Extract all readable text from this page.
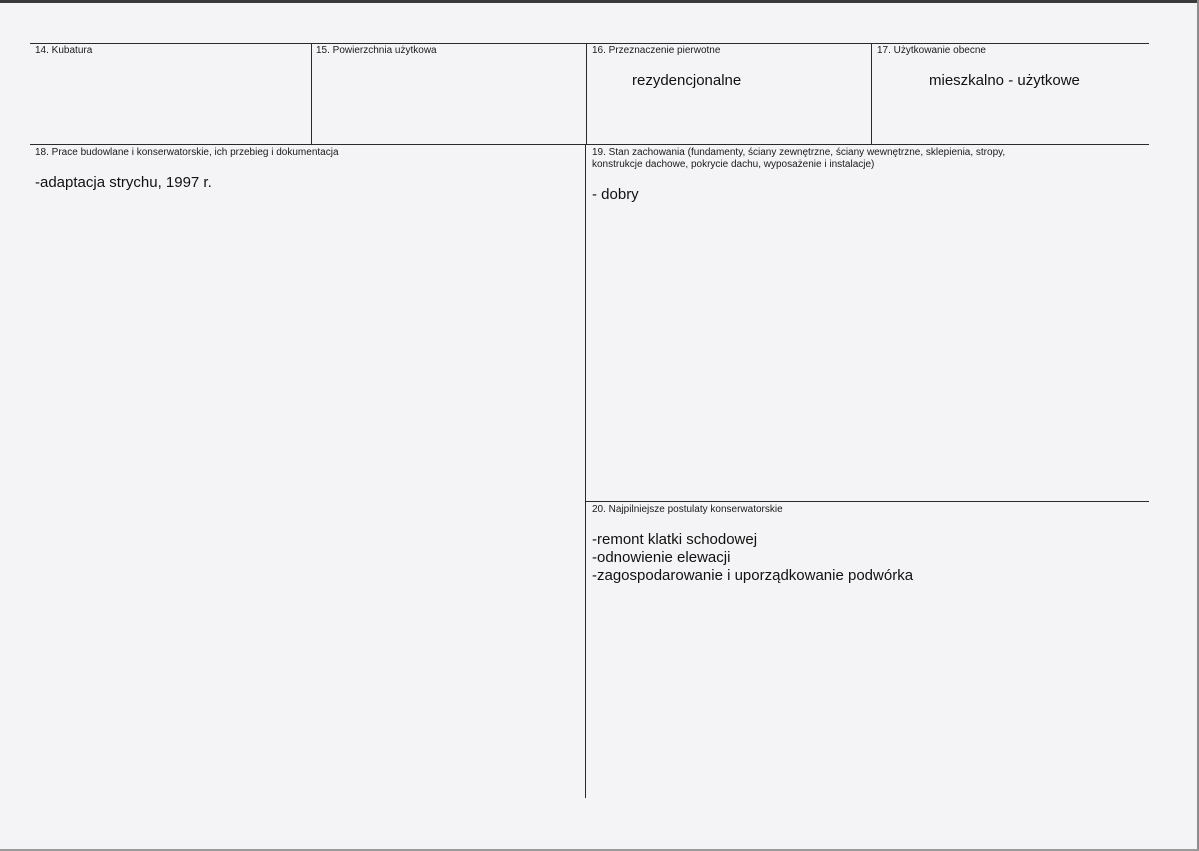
14. Kubatura	15. Powierzchnia użytkowa	16. Przeznaczenie pierwotne
rezydencjonalne
17. Użytkowanie obecne
mieszkalno - użytkowe
18. Prace budowlane i konserwatorskie, ich przebieg i dokumentacja
-adaptacja strychu, 1997 r.
19. Stan zachowania (fundamenty, ściany zewnętrzne, ściany wewnętrzne, sklepienia, stropy,
konstrukcje dachowe, pokrycie dachu, wyposażenie i instalacje)
- dobry
20. Najpilniejsze postulaty konserwatorskie
-remont klatki schodowej
-odnowienie elewacji
-zagospodarowanie i uporządkowanie podwórka
